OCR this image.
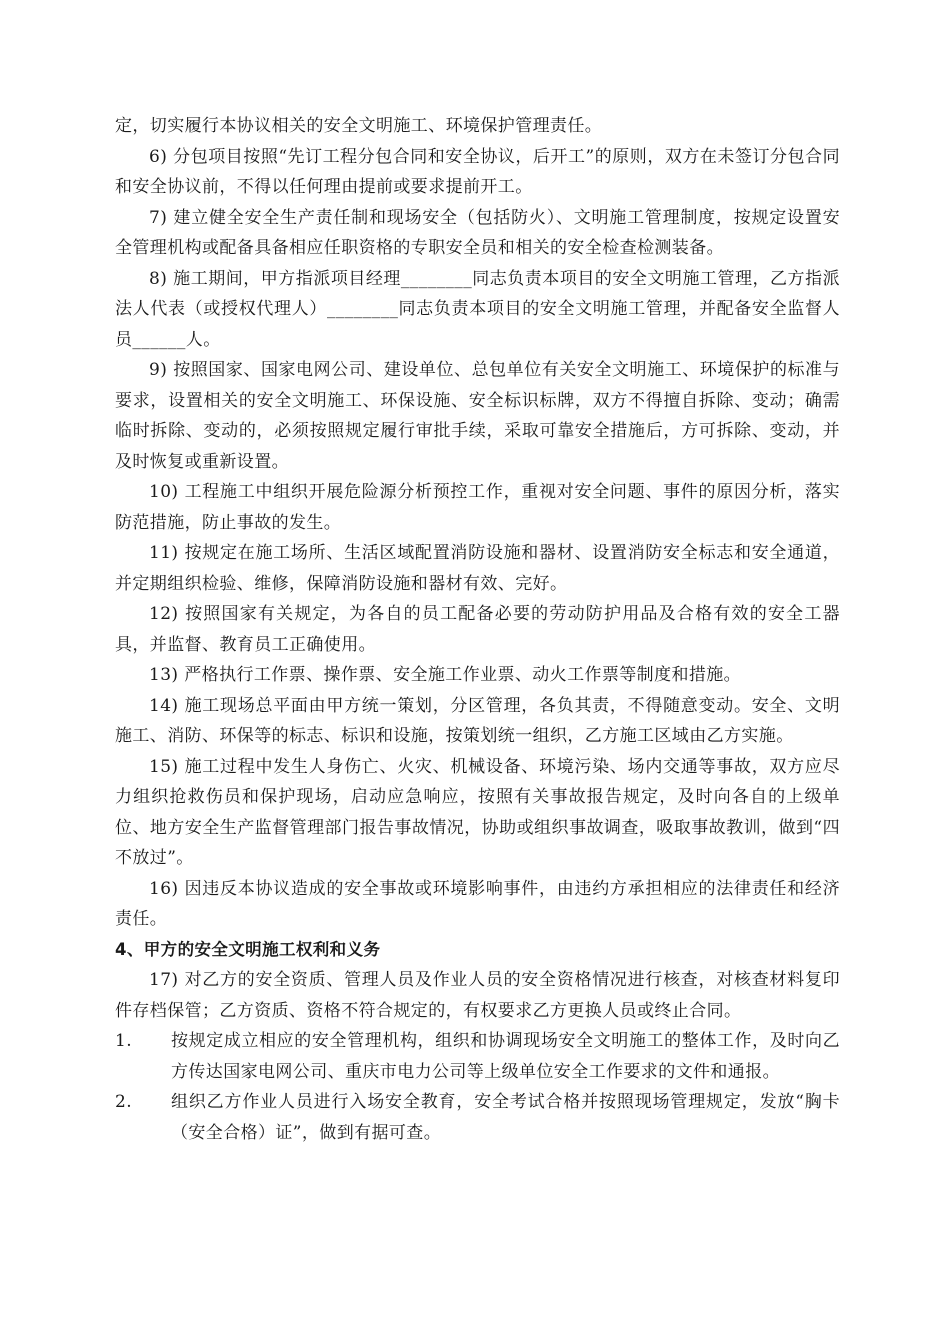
定，切实履行本协议相关的安全文明施工、环境保护管理责任。

6) 分包项目按照“先订工程分包合同和安全协议，后开工”的原则，双方在未签订分包合同和安全协议前，不得以任何理由提前或要求提前开工。

7) 建立健全安全生产责任制和现场安全（包括防火）、文明施工管理制度，按规定设置安全管理机构或配备具备相应任职资格的专职安全员和相关的安全检查检测装备。

8) 施工期间，甲方指派项目经理________同志负责本项目的安全文明施工管理，乙方指派法人代表（或授权代理人）________同志负责本项目的安全文明施工管理，并配备安全监督人员______人。

9) 按照国家、国家电网公司、建设单位、总包单位有关安全文明施工、环境保护的标准与要求，设置相关的安全文明施工、环保设施、安全标识标牌，双方不得擅自拆除、变动；确需临时拆除、变动的，必须按照规定履行审批手续，采取可靠安全措施后，方可拆除、变动，并及时恢复或重新设置。

10) 工程施工中组织开展危险源分析预控工作，重视对安全问题、事件的原因分析，落实防范措施，防止事故的发生。

11) 按规定在施工场所、生活区域配置消防设施和器材、设置消防安全标志和安全通道，并定期组织检验、维修，保障消防设施和器材有效、完好。

12) 按照国家有关规定，为各自的员工配备必要的劳动防护用品及合格有效的安全工器具，并监督、教育员工正确使用。

13) 严格执行工作票、操作票、安全施工作业票、动火工作票等制度和措施。

14) 施工现场总平面由甲方统一策划，分区管理，各负其责，不得随意变动。安全、文明施工、消防、环保等的标志、标识和设施，按策划统一组织，乙方施工区域由乙方实施。

15) 施工过程中发生人身伤亡、火灾、机械设备、环境污染、场内交通等事故，双方应尽力组织抢救伤员和保护现场，启动应急响应，按照有关事故报告规定，及时向各自的上级单位、地方安全生产监督管理部门报告事故情况，协助或组织事故调查，吸取事故教训，做到“四不放过”。

16) 因违反本协议造成的安全事故或环境影响事件，由违约方承担相应的法律责任和经济责任。

4、甲方的安全文明施工权利和义务

17) 对乙方的安全资质、管理人员及作业人员的安全资格情况进行核查，对核查材料复印件存档保管；乙方资质、资格不符合规定的，有权要求乙方更换人员或终止合同。

1.	按规定成立相应的安全管理机构，组织和协调现场安全文明施工的整体工作，及时向乙方传达国家电网公司、重庆市电力公司等上级单位安全工作要求的文件和通报。
2.	组织乙方作业人员进行入场安全教育，安全考试合格并按照现场管理规定，发放“胸卡（安全合格）证”，做到有据可查。
